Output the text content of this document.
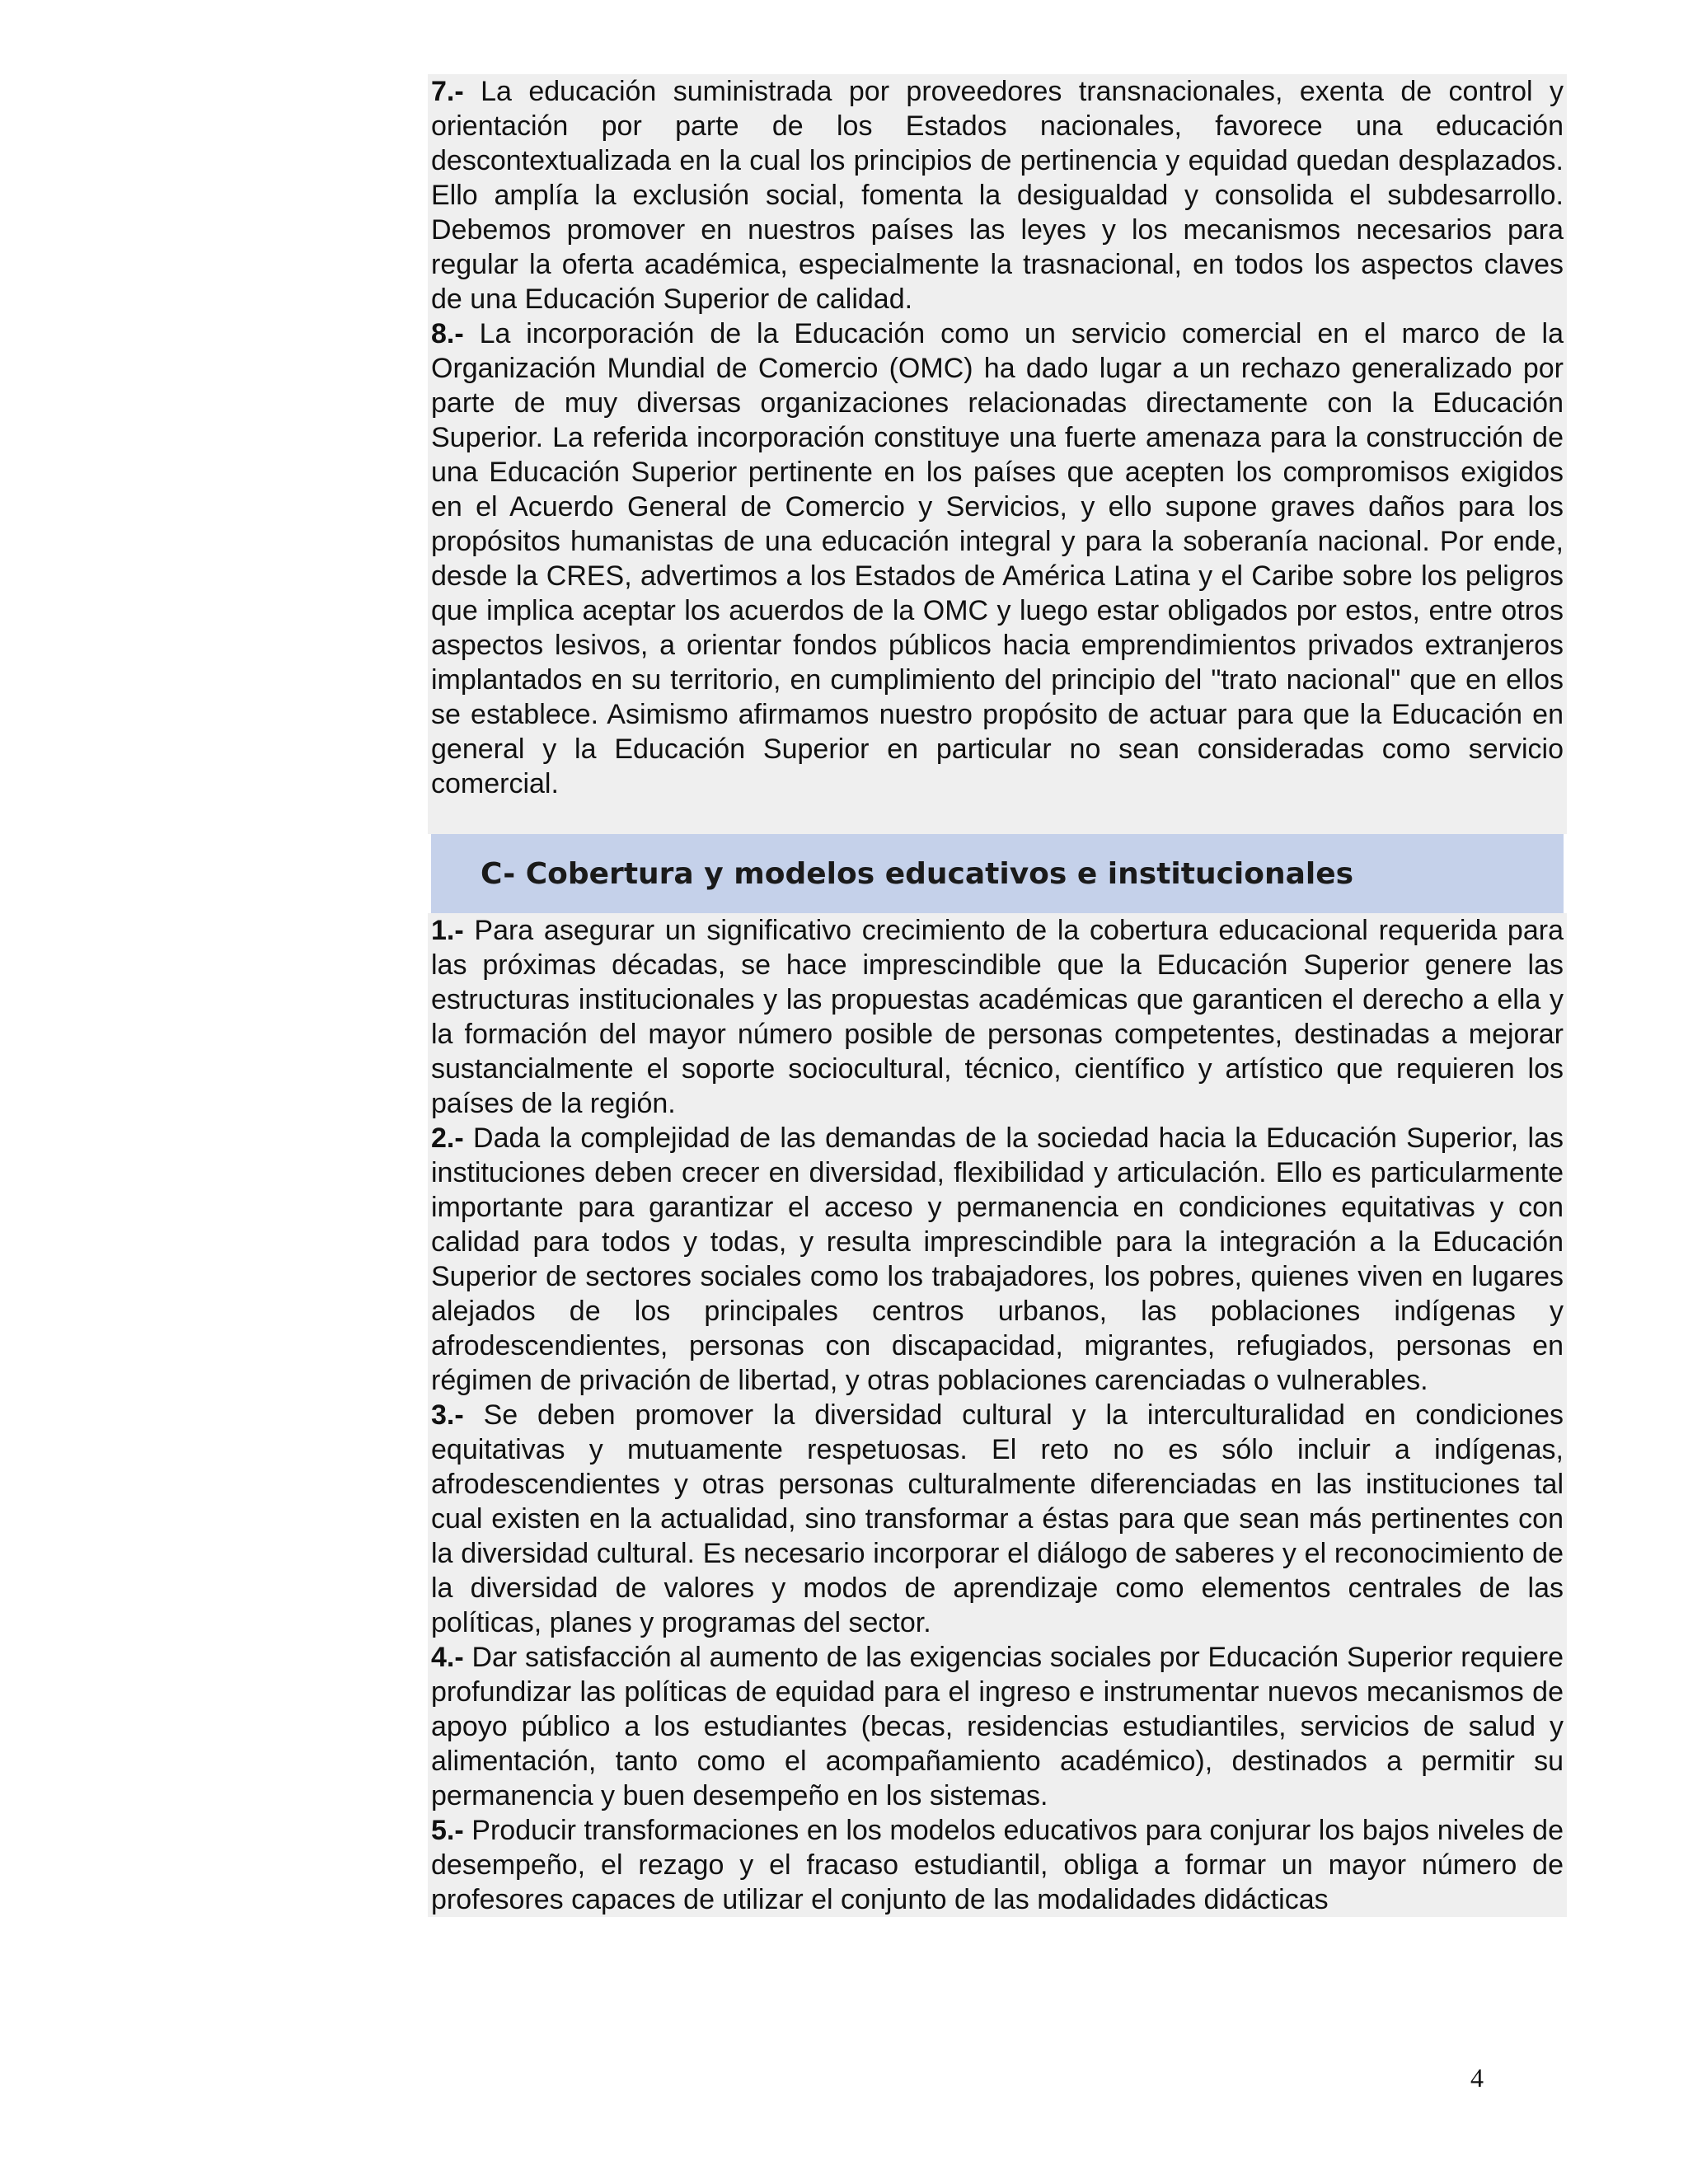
7.- La educación suministrada por proveedores transnacionales, exenta de control y orientación por parte de los Estados nacionales, favorece una educación descontextualizada en la cual los principios de pertinencia y equidad quedan desplazados. Ello amplía la exclusión social, fomenta la desigualdad y consolida el subdesarrollo. Debemos promover en nuestros países las leyes y los mecanismos necesarios para regular la oferta académica, especialmente la trasnacional, en todos los aspectos claves de una Educación Superior de calidad.

8.- La incorporación de la Educación como un servicio comercial en el marco de la Organización Mundial de Comercio (OMC) ha dado lugar a un rechazo generalizado por parte de muy diversas organizaciones relacionadas directamente con la Educación Superior. La referida incorporación constituye una fuerte amenaza para la construcción de una Educación Superior pertinente en los países que acepten los compromisos exigidos en el Acuerdo General de Comercio y Servicios, y ello supone graves daños para los propósitos humanistas de una educación integral y para la soberanía nacional. Por ende, desde la CRES, advertimos a los Estados de América Latina y el Caribe sobre los peligros que implica aceptar los acuerdos de la OMC y luego estar obligados por estos, entre otros aspectos lesivos, a orientar fondos públicos hacia emprendimientos privados extranjeros implantados en su territorio, en cumplimiento del principio del "trato nacional" que en ellos se establece. Asimismo afirmamos nuestro propósito de actuar para que la Educación en general y la Educación Superior en particular no sean consideradas como servicio comercial.

C- Cobertura y modelos educativos e institucionales

1.- Para asegurar un significativo crecimiento de la cobertura educacional requerida para las próximas décadas, se hace imprescindible que la Educación Superior genere las estructuras institucionales y las propuestas académicas que garanticen el derecho a ella y la formación del mayor número posible de personas competentes, destinadas a mejorar sustancialmente el soporte sociocultural, técnico, científico y artístico que requieren los países de la región.

2.- Dada la complejidad de las demandas de la sociedad hacia la Educación Superior, las instituciones deben crecer en diversidad, flexibilidad y articulación. Ello es particularmente importante para garantizar el acceso y permanencia en condiciones equitativas y con calidad para todos y todas, y resulta imprescindible para la integración a la Educación Superior de sectores sociales como los trabajadores, los pobres, quienes viven en lugares alejados de los principales centros urbanos, las poblaciones indígenas y afrodescendientes, personas con discapacidad, migrantes, refugiados, personas en régimen de privación de libertad, y otras poblaciones carenciadas o vulnerables.

3.- Se deben promover la diversidad cultural y la interculturalidad en condiciones equitativas y mutuamente respetuosas. El reto no es sólo incluir a indígenas, afrodescendientes y otras personas culturalmente diferenciadas en las instituciones tal cual existen en la actualidad, sino transformar a éstas para que sean más pertinentes con la diversidad cultural. Es necesario incorporar el diálogo de saberes y el reconocimiento de la diversidad de valores y modos de aprendizaje como elementos centrales de las políticas, planes y programas del sector.

4.- Dar satisfacción al aumento de las exigencias sociales por Educación Superior requiere profundizar las políticas de equidad para el ingreso e instrumentar nuevos mecanismos de apoyo público a los estudiantes (becas, residencias estudiantiles, servicios de salud y alimentación, tanto como el acompañamiento académico), destinados a permitir su permanencia y buen desempeño en los sistemas.

5.- Producir transformaciones en los modelos educativos para conjurar los bajos niveles de desempeño, el rezago y el fracaso estudiantil, obliga a formar un mayor número de profesores capaces de utilizar el conjunto de las modalidades didácticas

4
